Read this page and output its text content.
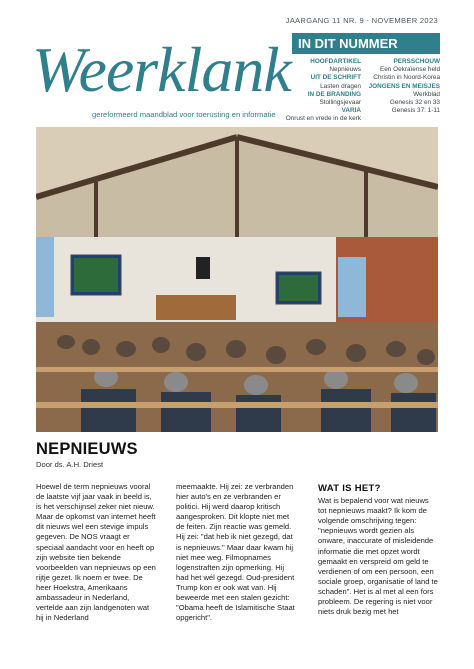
JAARGANG 11 NR. 9 - NOVEMBER 2023
Weerklank
gereformeerd maandblad voor toerusting en informatie
IN DIT NUMMER
HOOFDARTIKEL
Nepnieuws
UIT DE SCHRIFT
Lasten dragen
IN DE BRANDING
Stollingsjevaar
VARIA
Onrust en vrede in de kerk
PERSSCHOUW
Een Oekraïense held
Christin in Noord-Korea
JONGENS EN MEISJES
Werkblad
Genesis 32 en 33
Genesis 37: 1-11
NEPNIEUWS
Door ds. A.H. Driest

Hoewel de term nepnieuws vooral de laatste vijf jaar vaak in beeld is, is het verschijnsel zeker niet nieuw. Maar de opkomst van internet heeft dit nieuws wel een stevige impuls gegeven. De NOS vraagt er speciaal aandacht voor en heeft op zijn website tien bekende voorbeelden van nepnieuws op een rijtje gezet. Ik noem er twee. De heer Hoekstra, Amerikaans ambassadeur in Nederland, vertelde aan zijn landgenoten wat hij in Nederland

meemaakte. Hij zei: ze verbranden hier auto's en ze verbranden er politici. Hij werd daarop kritisch aangesproken. Dit klopte niet met de feiten. Zijn reactie was gemeld. Hij zei: "dat heb ik niet gezegd, dat is nepnieuws." Maar daar kwam hij niet mee weg. Filmopnames logenstraften zijn opmerking. Hij had het wél gezegd. Oud-president Trump kon er ook wat van. Hij beweerde met een stalen gezicht: "Obama heeft de Islamitische Staat opgericht".

WAT IS HET?

Wat is bepalend voor wat nieuws tot nepnieuws maakt? Ik kom de volgende omschrijving tegen: "nepnieuws wordt gezien als onware, inaccurate of misleidende informatie die met opzet wordt gemaakt en verspreid om geld te verdienen of om een persoon, een sociale groep, organisatie of land te schaden". Het is al met al een fors probleem. De regering is niet voor niets druk bezig met het
